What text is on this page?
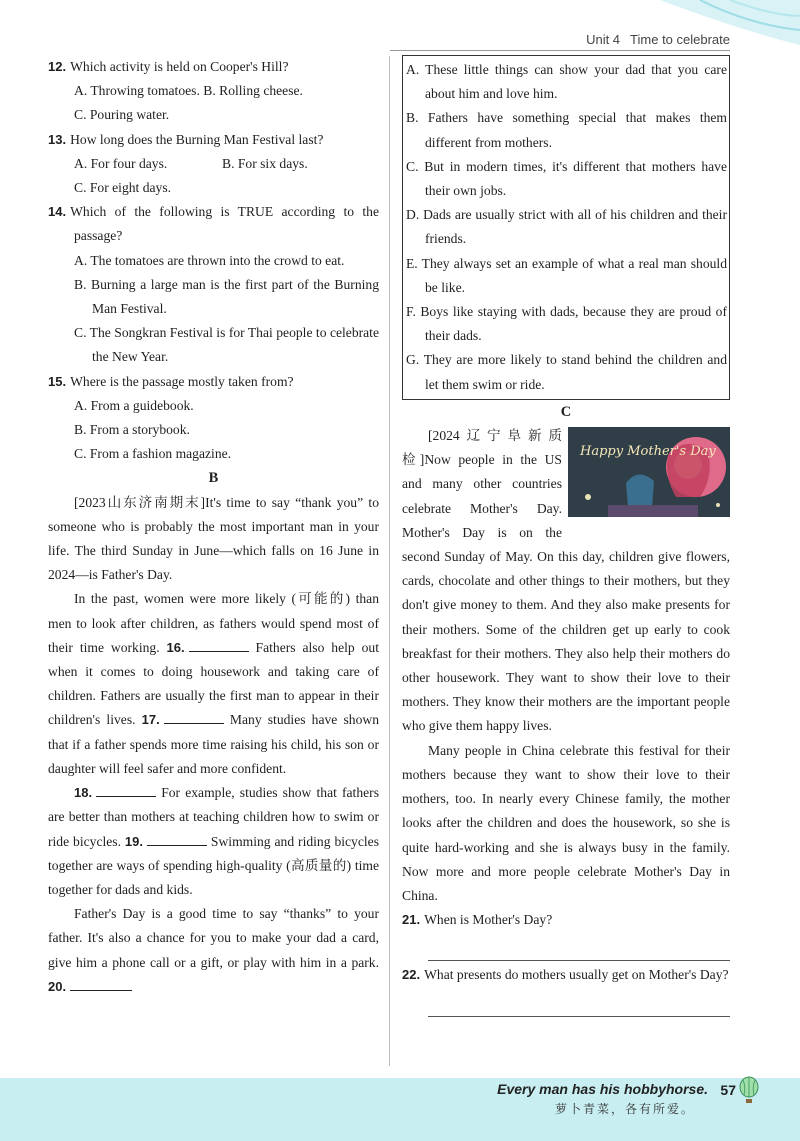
Unit 4 Time to celebrate

12. Which activity is held on Cooper's Hill?

A. Throwing tomatoes. B. Rolling cheese.

C. Pouring water.

13. How long does the Burning Man Festival last?

A. For four days.	B. For six days.

C. For eight days.

14. Which of the following is TRUE according to the passage?

A. The tomatoes are thrown into the crowd to eat.

B. Burning a large man is the first part of the Burning Man Festival.

C. The Songkran Festival is for Thai people to celebrate the New Year.

15. Where is the passage mostly taken from?

A. From a guidebook.

B. From a storybook.

C. From a fashion magazine.

B

[2023山东济南期末]It's time to say “thank you” to someone who is probably the most important man in your life. The third Sunday in June—which falls on 16 June in 2024—is Father's Day.

In the past, women were more likely (可能的) than men to look after children, as fathers would spend most of their time working. 16.	Fathers also help out when it comes to doing housework and taking care of children. Fathers are usually the first man to appear in their children's lives. 17.	Many studies have shown that if a father spends more time raising his child, his son or daughter will feel safer and more confident.

18.	For example, studies show that fathers are better than mothers at teaching children how to swim or ride bicycles. 19.	Swimming and riding bicycles together are ways of spending high-quality (高质量的) time together for dads and kids.

Father's Day is a good time to say “thanks” to your father. It's also a chance for you to make your dad a card, give him a phone call or a gift, or play with him in a park. 20.

A. These little things can show your dad that you care about him and love him.

B. Fathers have something special that makes them different from mothers.

C. But in modern times, it's different that mothers have their own jobs.

D. Dads are usually strict with all of his children and their friends.

E. They always set an example of what a real man should be like.

F. Boys like staying with dads, because they are proud of their dads.

G. They are more likely to stand behind the children and let them swim or ride.

C

Happy Mother's Day

[2024辽宁阜新质检]Now people in the US and many other countries celebrate Mother's Day. Mother's Day is on the second Sunday of May. On this day, children give flowers, cards, chocolate and other things to their mothers, but they don't give money to them. And they also make presents for their mothers. Some of the children get up early to cook breakfast for their mothers. They also help their mothers do other housework. They want to show their love to their mothers. They know their mothers are the important people who give them happy lives.

Many people in China celebrate this festival for their mothers because they want to show their love to their mothers, too. In nearly every Chinese family, the mother looks after the children and does the housework, so she is quite hard-working and she is always busy in the family. Now more and more people celebrate Mother's Day in China.

21. When is Mother's Day?

22. What presents do mothers usually get on Mother's Day?

Every man has his hobbyhorse.
萝卜青菜，各有所爱。
57
